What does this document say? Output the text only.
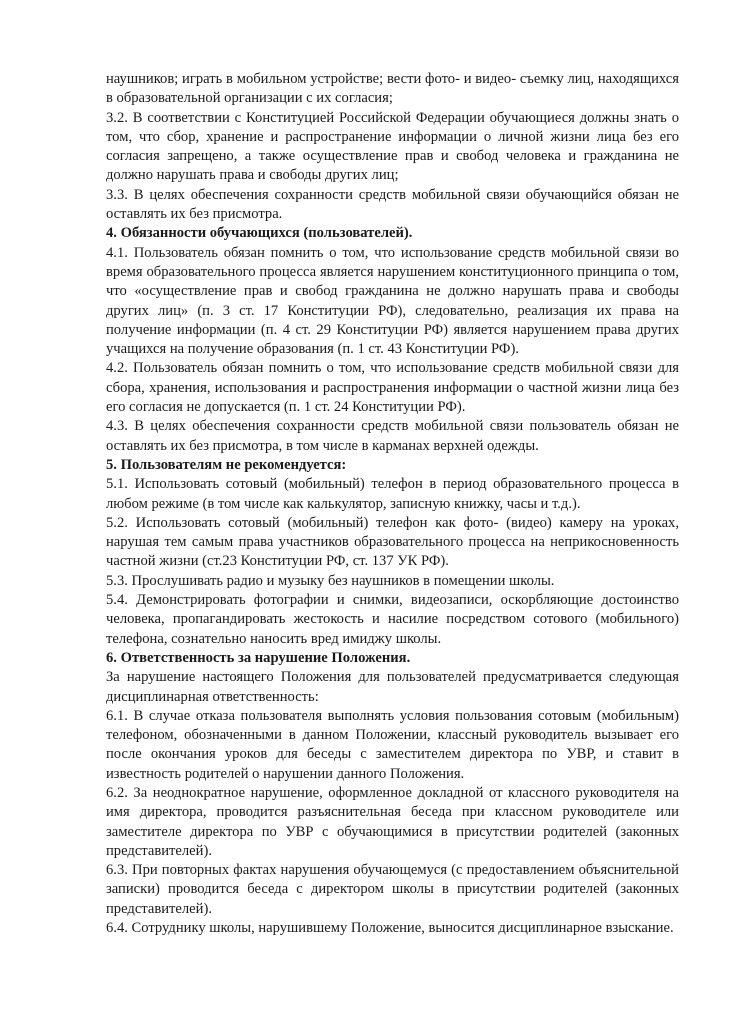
наушников; играть в мобильном устройстве; вести фото- и видео- съемку лиц, находящихся в образовательной организации с их согласия;

3.2. В соответствии с Конституцией Российской Федерации обучающиеся должны знать о том, что сбор, хранение и распространение информации о личной жизни лица без его согласия запрещено, а также осуществление прав и свобод человека и гражданина не должно нарушать права и свободы других лиц;

3.3. В целях обеспечения сохранности средств мобильной связи обучающийся обязан не оставлять их без присмотра.

4. Обязанности обучающихся (пользователей).

4.1. Пользователь обязан помнить о том, что использование средств мобильной связи во время образовательного процесса является нарушением конституционного принципа о том, что «осуществление прав и свобод гражданина не должно нарушать права и свободы других лиц» (п. 3 ст. 17 Конституции РФ), следовательно, реализация их права на получение информации (п. 4 ст. 29 Конституции РФ) является нарушением права других учащихся на получение образования (п. 1 ст. 43 Конституции РФ).

4.2. Пользователь обязан помнить о том, что использование средств мобильной связи для сбора, хранения, использования и распространения информации о частной жизни лица без его согласия не допускается (п. 1 ст. 24 Конституции РФ).

4.3. В целях обеспечения сохранности средств мобильной связи пользователь обязан не оставлять их без присмотра, в том числе в карманах верхней одежды.

5. Пользователям не рекомендуется:

5.1. Использовать сотовый (мобильный) телефон в период образовательного процесса в любом режиме (в том числе как калькулятор, записную книжку, часы и т.д.).

5.2. Использовать сотовый (мобильный) телефон как фото- (видео) камеру на уроках, нарушая тем самым права участников образовательного процесса на неприкосновенность частной жизни (ст.23 Конституции РФ, ст. 137 УК РФ).

5.3. Прослушивать радио и музыку без наушников в помещении школы.

5.4. Демонстрировать фотографии и снимки, видеозаписи, оскорбляющие достоинство человека, пропагандировать жестокость и насилие посредством сотового (мобильного) телефона, сознательно наносить вред имиджу школы.

6. Ответственность за нарушение Положения.

За нарушение настоящего Положения для пользователей предусматривается следующая дисциплинарная ответственность:

6.1. В случае отказа пользователя выполнять условия пользования сотовым (мобильным) телефоном, обозначенными в данном Положении, классный руководитель вызывает его после окончания уроков для беседы с заместителем директора по УВР, и ставит в известность родителей о нарушении данного Положения.

6.2. За неоднократное нарушение, оформленное докладной от классного руководителя на имя директора, проводится разъяснительная беседа при классном руководителе или заместителе директора по УВР с обучающимися в присутствии родителей (законных представителей).

6.3. При повторных фактах нарушения обучающемуся (с предоставлением объяснительной записки) проводится беседа с директором школы в присутствии родителей (законных представителей).

6.4. Сотруднику школы, нарушившему Положение, выносится дисциплинарное взыскание.
